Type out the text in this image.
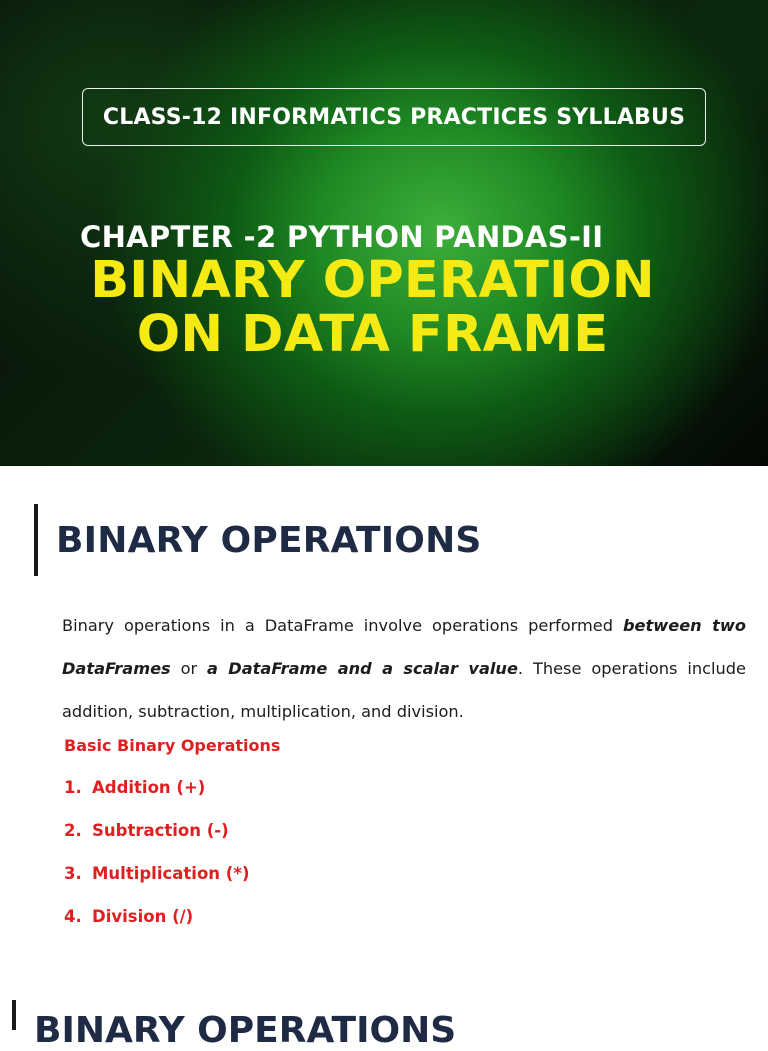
CLASS-12 INFORMATICS PRACTICES SYLLABUS
CHAPTER -2 PYTHON PANDAS-II
BINARY OPERATION
ON DATA FRAME
BINARY OPERATIONS
Binary operations in a DataFrame involve operations performed between two DataFrames or a DataFrame and a scalar value. These operations include addition, subtraction, multiplication, and division.
Basic Binary Operations
1. Addition (+)
2. Subtraction (-)
3. Multiplication (*)
4. Division (/)
BINARY OPERATIONS
